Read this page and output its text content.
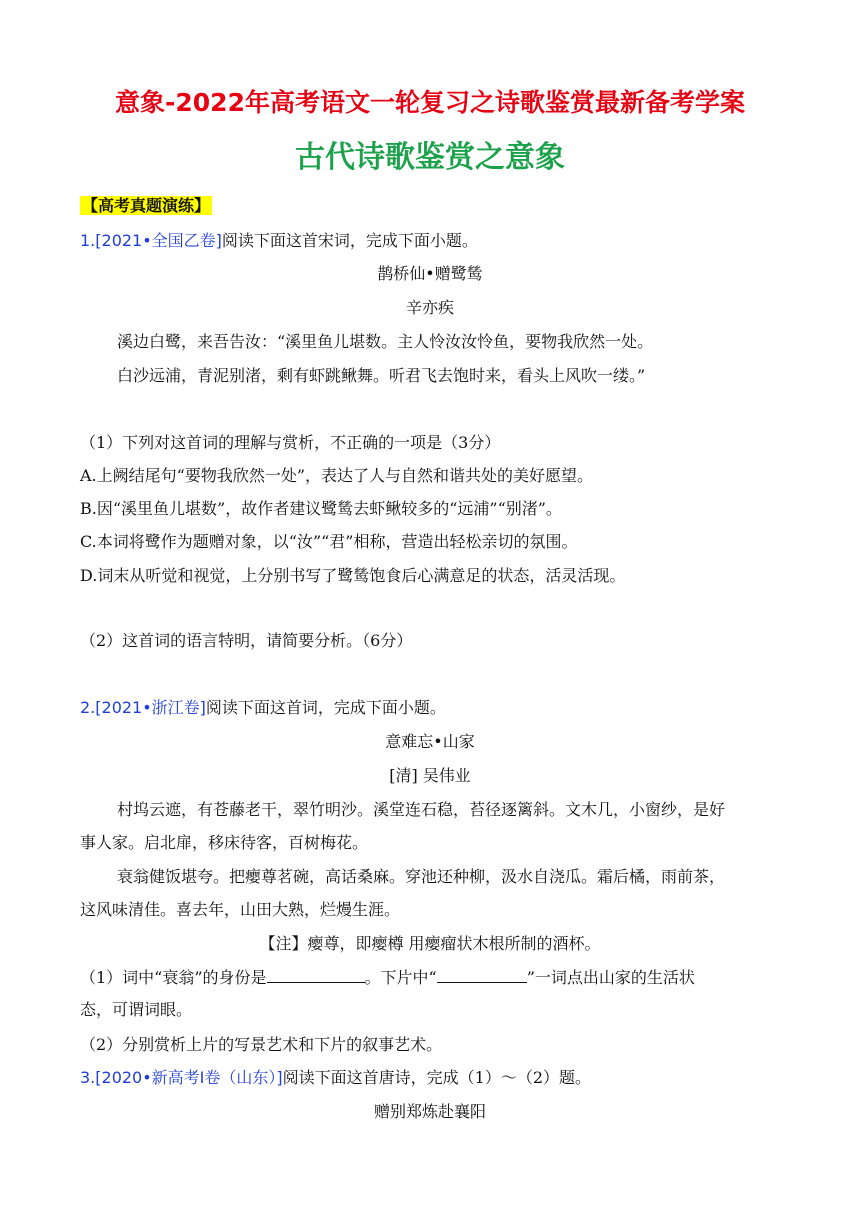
意象-2022年高考语文一轮复习之诗歌鉴赏最新备考学案
古代诗歌鉴赏之意象
【高考真题演练】
1.[2021•全国乙卷]阅读下面这首宋词，完成下面小题。
鹊桥仙•赠鹭鸶
辛亦疾
溪边白鹭，来吾告汝：“溪里鱼儿堪数。主人怜汝汝怜鱼，要物我欣然一处。
白沙远浦，青泥别渚，剩有虾跳鳅舞。听君飞去饱时来，看头上风吹一缕。”
（1）下列对这首词的理解与赏析，不正确的一项是（3分）
A.上阙结尾句“要物我欣然一处”，表达了人与自然和谐共处的美好愿望。
B.因“溪里鱼儿堪数”，故作者建议鹭鸶去虾鳅较多的“远浦”“别渚”。
C.本词将鹭作为题赠对象，以“汝”“君”相称，营造出轻松亲切的氛围。
D.词末从听觉和视觉，上分别书写了鹭鸶饱食后心满意足的状态，活灵活现。
（2）这首词的语言特明，请简要分析。（6分）
2.[2021•浙江卷]阅读下面这首词，完成下面小题。
意难忘•山家
[清] 吴伟业
村坞云遮，有苍藤老干，翠竹明沙。溪堂连石稳，苔径逐篱斜。文木几，小窗纱，是好
事人家。启北扉，移床待客，百树梅花。
衰翁健饭堪夸。把瘿尊茗碗，高话桑麻。穿池还种柳，汲水自浇瓜。霜后橘，雨前茶，
这风味清佳。喜去年，山田大熟，烂熳生涯。
【注】瘿尊，即瘿樽 用瘿瘤状木根所制的酒杯。
（1）词中“衰翁”的身份是	。下片中“	”一词点出山家的生活状
态，可谓词眼。
（2）分别赏析上片的写景艺术和下片的叙事艺术。
3.[2020•新高考Ⅰ卷（山东）]阅读下面这首唐诗，完成（1）～（2）题。
赠别郑炼赴襄阳
